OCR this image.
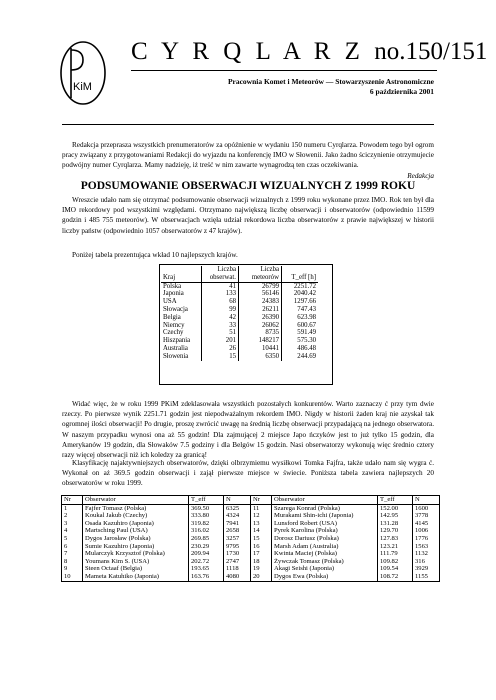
KiM
C Y R Q L A R Z no.150/151
Pracownia Komet i Meteorów — Stowarzyszenie Astronomiczne
6 października 2001
Redakcja przeprasza wszystkich prenumeratorów za opóźnienie w wydaniu 150 numeru Cyrqlarza. Powodem tego był ogrom pracy związany z przygotowaniami Redakcji do wyjazdu na konferencję IMO w Słowenii. Jako żadno ściczynienie otrzymujecie podwójny numer Cyrqlarza. Mamy nadzieję, iż treść w nim zawarte wynagrodzą ten czas oczekiwania.
Redakcja
PODSUMOWANIE OBSERWACJI WIZUALNYCH Z 1999 ROKU
Wreszcie udało nam się otrzymać podsumowanie obserwacji wizualnych z 1999 roku wykonane przez IMO. Rok ten był dla IMO rekordowy pod wszystkimi względami. Otrzymano największą liczbę obserwacji i obserwatorów (odpowiednio 11599 godzin i 485 755 meteorów). W obserwacjach wzięła udział rekordowa liczba obserwatorów z prawie największej w historii liczby państw (odpowiednio 1057 obserwatorów z 47 krajów).
Poniżej tabela prezentująca wkład 10 najlepszych krajów.
Kraj	Liczba obserwat.	Liczba meteorów	T_eff [h]
Polska	41	26799	2251.72
Japonia	133	56146	2040.42
USA	68	24383	1297.66
Słowacja	99	26211	747.43
Belgia	42	26390	623.98
Niemcy	33	26062	600.67
Czechy	51	8735	591.49
Hiszpania	201	148217	575.30
Australia	26	10441	486.48
Słowenia	15	6350	244.69
Widać więc, że w roku 1999 PKiM zdeklasowała wszystkich pozostałych konkurentów. Warto zaznaczy ć przy tym dwie rzeczy. Po pierwsze wynik 2251.71 godzin jest niepodważalnym rekordem IMO. Nigdy w historii żaden kraj nie azyskał tak ogromnej ilości obserwacji! Po drugie, proszę zwrócić uwagę na średnią liczbę obserwacji przypadającą na jednego obserwatora. W naszym przypadku wynosi ona aż 55 godzin! Dla zajmującej 2 miejsce Japo ńczyków jest to już tylko 15 godzin, dla Amerykanów 19 godzin, dla Słowaków 7.5 godziny i dla Belgów 15 godzin. Nasi obserwatorzy wykonują więc średnio cztery razy więcej obserwacji niż ich koledzy za granicą!
Klasyfikację najaktywniejszych obserwatorów, dzięki olbrzymiemu wysiłkowi Tomka Fajfra, także udało nam się wygra ć. Wykonał on aż 369.5 godzin obserwacji i zajął pierwsze miejsce w świecie. Poniższa tabela zawiera najlepszych 20 obserwatorów w roku 1999.
Nr	Obserwator	T_eff	N	Nr	Obserwator	T_eff	N
1	Fajfer Tomasz (Polska)	369.50	6325	11	Szarega Konrad (Polska)	152.00	1600
2	Koukal Jakub (Czechy)	333.80	4324	12	Murakami Shin-ichi (Japonia)	142.95	3778
3	Osada Kazuhiro (Japonia)	319.82	7941	13	Lunsford Robert (USA)	131.28	4145
4	Martsching Paul (USA)	316.02	2658	14	Pyrek Karolina (Polska)	129.70	1006
5	Dygos Jarosław (Polska)	269.85	3257	15	Dorosz Dariusz (Polska)	127.83	1776
6	Sumie Kazuhiro (Japonia)	230.29	9795	16	Marsh Adam (Australia)	123.21	1563
7	Mularczyk Krzysztof (Polska)	209.94	1730	17	Kwinta Maciej (Polska)	111.79	1132
8	Youmans Kim S. (USA)	202.72	2747	18	Żywczak Tomasz (Polska)	109.82	316
9	Steen Octaaf (Belgia)	193.65	1118	19	Akagi Seishi (Japonia)	109.54	3929
10	Mameta Katuhiko (Japonia)	163.76	4080	20	Dygos Ewa (Polska)	108.72	1155
